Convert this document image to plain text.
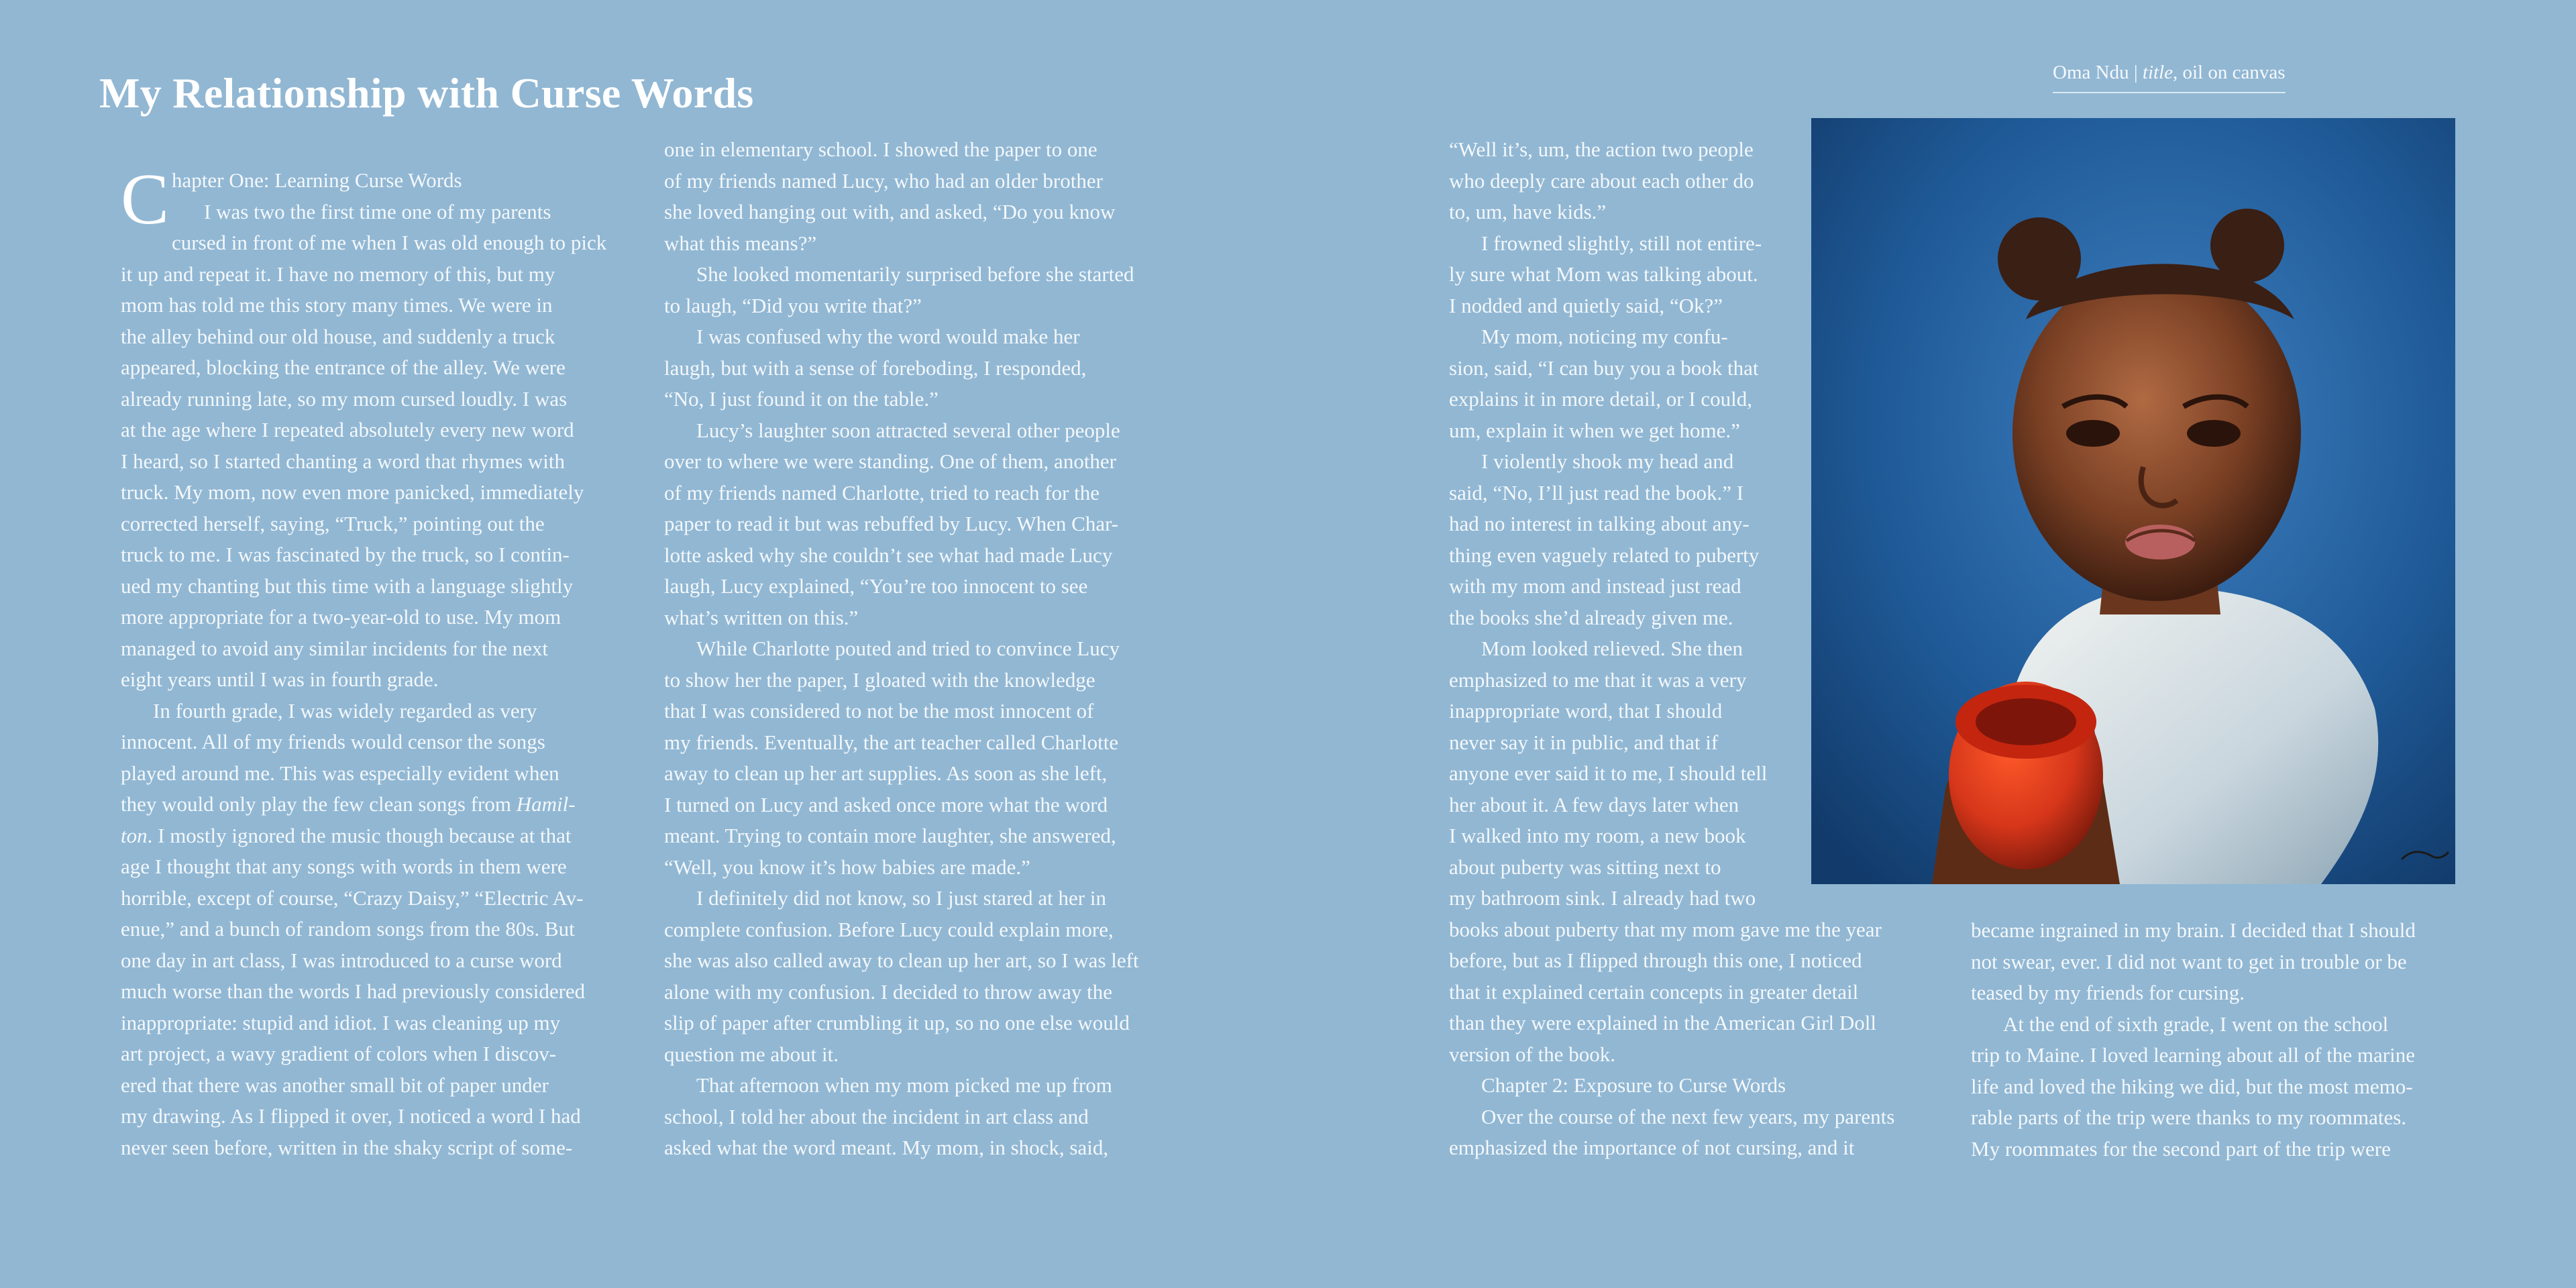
My Relationship with Curse Words	Oma Ndu | title, oil on canvas

Chapter One: Learning Curse Words

I was two the first time one of my parents

cursed in front of me when I was old enough to pick

it up and repeat it. I have no memory of this, but my

mom has told me this story many times. We were in

the alley behind our old house, and suddenly a truck

appeared, blocking the entrance of the alley. We were

already running late, so my mom cursed loudly. I was

at the age where I repeated absolutely every new word

I heard, so I started chanting a word that rhymes with

truck. My mom, now even more panicked, immediately

corrected herself, saying, “Truck,” pointing out the

truck to me. I was fascinated by the truck, so I contin-

ued my chanting but this time with a language slightly

more appropriate for a two-year-old to use. My mom

managed to avoid any similar incidents for the next

eight years until I was in fourth grade.

In fourth grade, I was widely regarded as very

innocent. All of my friends would censor the songs

played around me. This was especially evident when

they would only play the few clean songs from Hamil-

ton. I mostly ignored the music though because at that

age I thought that any songs with words in them were

horrible, except of course, “Crazy Daisy,” “Electric Av-

enue,” and a bunch of random songs from the 80s. But

one day in art class, I was introduced to a curse word

much worse than the words I had previously considered

inappropriate: stupid and idiot. I was cleaning up my

art project, a wavy gradient of colors when I discov-

ered that there was another small bit of paper under

my drawing. As I flipped it over, I noticed a word I had

never seen before, written in the shaky script of some-

one in elementary school. I showed the paper to one

of my friends named Lucy, who had an older brother

she loved hanging out with, and asked, “Do you know

what this means?”

She looked momentarily surprised before she started

to laugh, “Did you write that?”

I was confused why the word would make her

laugh, but with a sense of foreboding, I responded,

“No, I just found it on the table.”

Lucy’s laughter soon attracted several other people

over to where we were standing. One of them, another

of my friends named Charlotte, tried to reach for the

paper to read it but was rebuffed by Lucy. When Char-

lotte asked why she couldn’t see what had made Lucy

laugh, Lucy explained, “You’re too innocent to see

what’s written on this.”

While Charlotte pouted and tried to convince Lucy

to show her the paper, I gloated with the knowledge

that I was considered to not be the most innocent of

my friends. Eventually, the art teacher called Charlotte

away to clean up her art supplies. As soon as she left,

I turned on Lucy and asked once more what the word

meant. Trying to contain more laughter, she answered,

“Well, you know it’s how babies are made.”

I definitely did not know, so I just stared at her in

complete confusion. Before Lucy could explain more,

she was also called away to clean up her art, so I was left

alone with my confusion. I decided to throw away the

slip of paper after crumbling it up, so no one else would

question me about it.

That afternoon when my mom picked me up from

school, I told her about the incident in art class and

asked what the word meant. My mom, in shock, said,

“Well it’s, um, the action two people

who deeply care about each other do

to, um, have kids.”

I frowned slightly, still not entire-

ly sure what Mom was talking about.

I nodded and quietly said, “Ok?”

My mom, noticing my confu-

sion, said, “I can buy you a book that

explains it in more detail, or I could,

um, explain it when we get home.”

I violently shook my head and

said, “No, I’ll just read the book.” I

had no interest in talking about any-

thing even vaguely related to puberty

with my mom and instead just read

the books she’d already given me.

Mom looked relieved. She then

emphasized to me that it was a very

inappropriate word, that I should

never say it in public, and that if

anyone ever said it to me, I should tell

her about it. A few days later when

I walked into my room, a new book

about puberty was sitting next to

my bathroom sink. I already had two

books about puberty that my mom gave me the year

before, but as I flipped through this one, I noticed

that it explained certain concepts in greater detail

than they were explained in the American Girl Doll

version of the book.

Chapter 2: Exposure to Curse Words

Over the course of the next few years, my parents

emphasized the importance of not cursing, and it

became ingrained in my brain. I decided that I should

not swear, ever. I did not want to get in trouble or be

teased by my friends for cursing.

At the end of sixth grade, I went on the school

trip to Maine. I loved learning about all of the marine

life and loved the hiking we did, but the most memo-

rable parts of the trip were thanks to my roommates.

My roommates for the second part of the trip were
